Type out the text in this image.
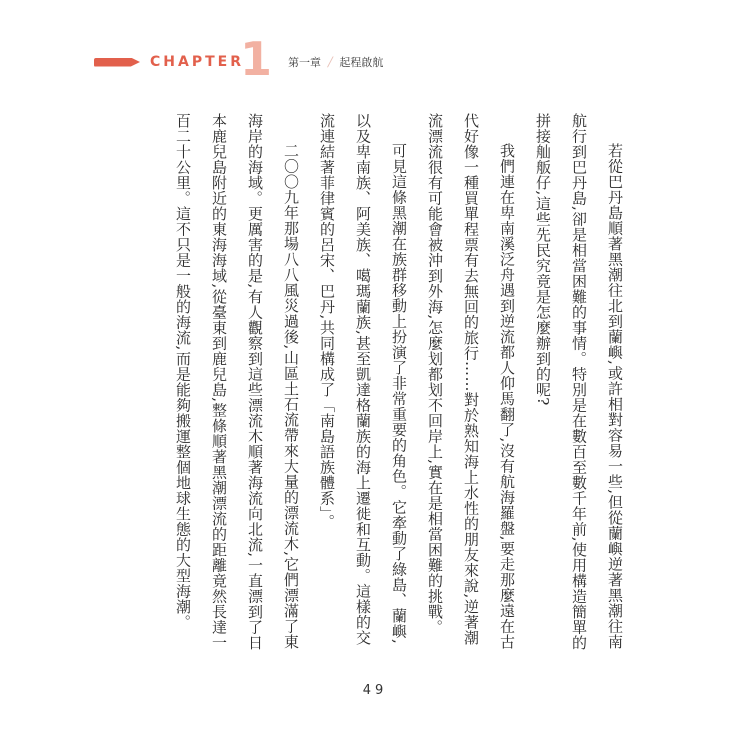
CHAPTER
1 第一章 / 起程啟航

若從巴丹島順著黑潮往北到蘭嶼,或許相對容易一些,但從蘭嶼逆著黑潮往南航行到巴丹島,卻是相當困難的事情。特別是在數百至數千年前,使用構造簡單的拼接舢舨仔,這些先民究竟是怎麼辦到的呢?

我們連在卑南溪泛舟遇到逆流都人仰馬翻了,沒有航海羅盤,要走那麼遠在古代好像一種買單程票有去無回的旅行……對於熟知海上水性的朋友來說,逆著潮流漂流很有可能會被沖到外海,怎麼划都划不回岸上,實在是相當困難的挑戰。

可見這條黑潮在族群移動上扮演了非常重要的角色。它牽動了綠島、蘭嶼,以及卑南族、阿美族、噶瑪蘭族,甚至凱達格蘭族的海上遷徙和互動。這樣的交流連結著菲律賓的呂宋、巴丹,共同構成了「南島語族體系」。

二〇〇九年那場八八風災過後,山區土石流帶來大量的漂流木,它們漂滿了東海岸的海域。更厲害的是,有人觀察到這些漂流木順著海流向北流,一直漂到了日本鹿兒島附近的東海海域,從臺東到鹿兒島,整條順著黑潮漂流的距離竟然長達一百二十公里。這不只是一般的海流,而是能夠搬運整個地球生態的大型海潮。

49
